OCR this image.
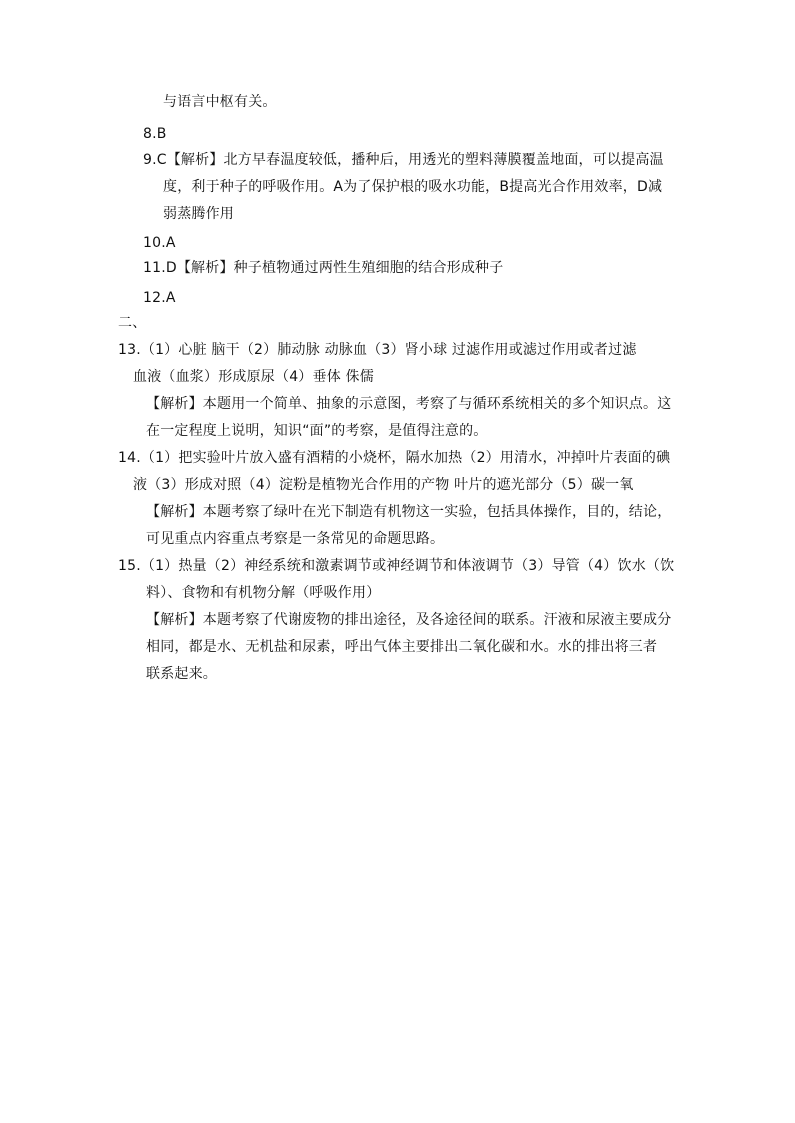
与语言中枢有关。
8.B
9.C【解析】北方早春温度较低，播种后，用透光的塑料薄膜覆盖地面，可以提高温
度，利于种子的呼吸作用。A为了保护根的吸水功能，B提高光合作用效率，D减
弱蒸腾作用
10.A
11.D【解析】种子植物通过两性生殖细胞的结合形成种子
12.A
二、
13.（1）心脏 脑干（2）肺动脉 动脉血（3）肾小球 过滤作用或滤过作用或者过滤
血液（血浆）形成原尿（4）垂体 侏儒
【解析】本题用一个简单、抽象的示意图，考察了与循环系统相关的多个知识点。这
在一定程度上说明，知识“面”的考察，是值得注意的。
14.（1）把实验叶片放入盛有酒精的小烧杯，隔水加热（2）用清水，冲掉叶片表面的碘
液（3）形成对照（4）淀粉是植物光合作用的产物 叶片的遮光部分（5）碳一氧
【解析】本题考察了绿叶在光下制造有机物这一实验，包括具体操作，目的，结论，
可见重点内容重点考察是一条常见的命题思路。
15.（1）热量（2）神经系统和激素调节或神经调节和体液调节（3）导管（4）饮水（饮
料）、食物和有机物分解（呼吸作用）
【解析】本题考察了代谢废物的排出途径，及各途径间的联系。汗液和尿液主要成分
相同，都是水、无机盐和尿素，呼出气体主要排出二氧化碳和水。水的排出将三者
联系起来。
